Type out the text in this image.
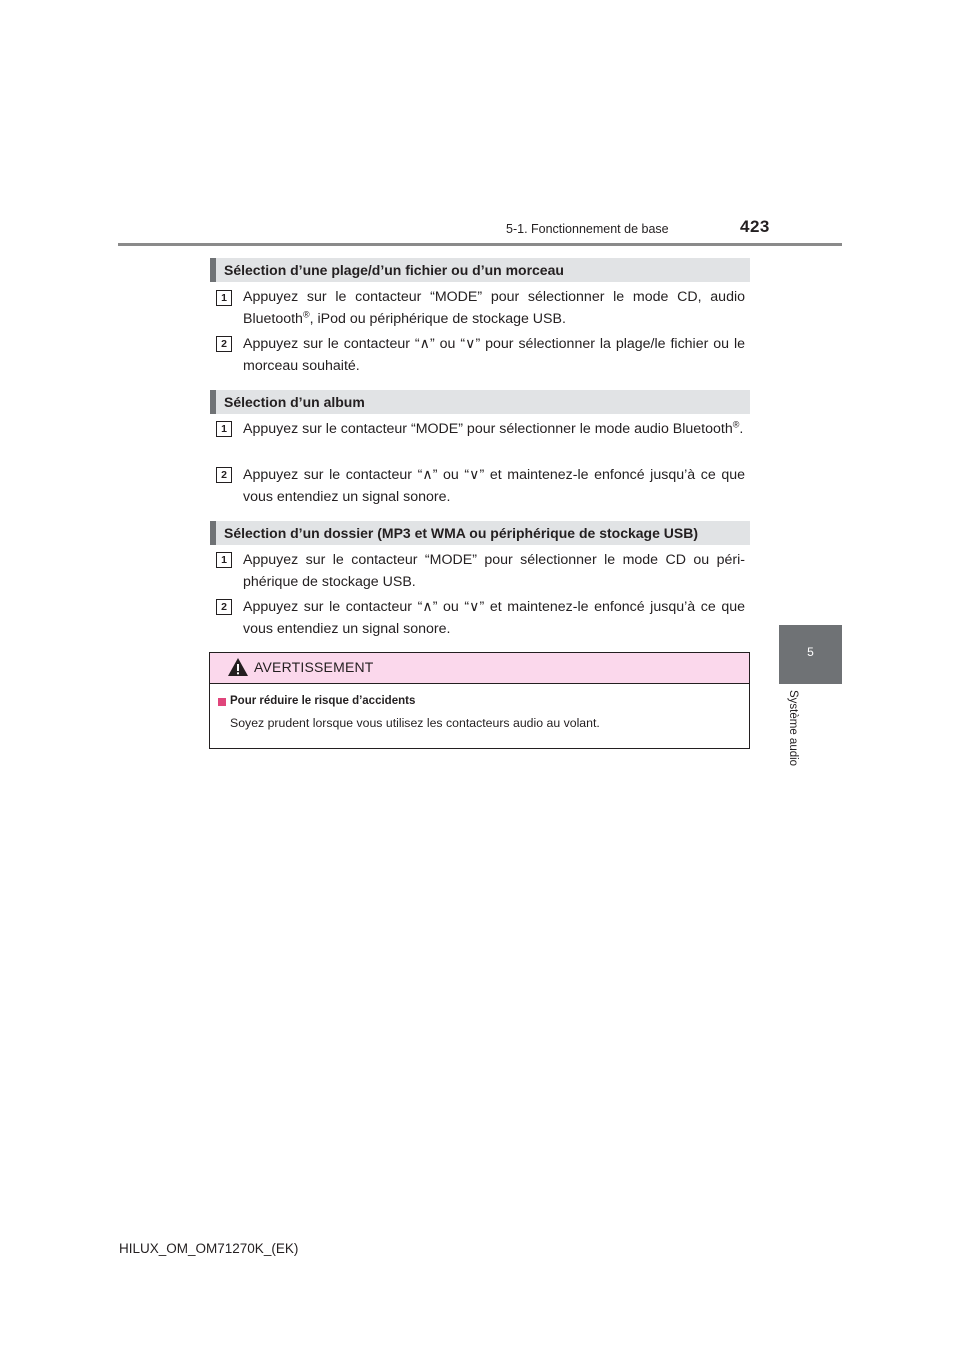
5-1. Fonctionnement de base	423
5
Système audio
Sélection d’une plage/d’un fichier ou d’un morceau
1	Appuyez sur le contacteur “MODE” pour sélectionner le mode CD, audio Bluetooth®, iPod ou périphérique de stockage USB.
2	Appuyez sur le contacteur “∧” ou “∨” pour sélectionner la plage/le fichier ou le morceau souhaité.
Sélection d’un album
1	Appuyez sur le contacteur “MODE” pour sélectionner le mode audio Bluetooth®.
2	Appuyez sur le contacteur “∧” ou “∨” et maintenez-le enfoncé jusqu’à ce que vous entendiez un signal sonore.
Sélection d’un dossier (MP3 et WMA ou périphérique de stockage USB)
1	Appuyez sur le contacteur “MODE” pour sélectionner le mode CD ou péri-phérique de stockage USB.
2	Appuyez sur le contacteur “∧” ou “∨” et maintenez-le enfoncé jusqu’à ce que vous entendiez un signal sonore.
AVERTISSEMENT
Pour réduire le risque d’accidents
Soyez prudent lorsque vous utilisez les contacteurs audio au volant.
HILUX_OM_OM71270K_(EK)
